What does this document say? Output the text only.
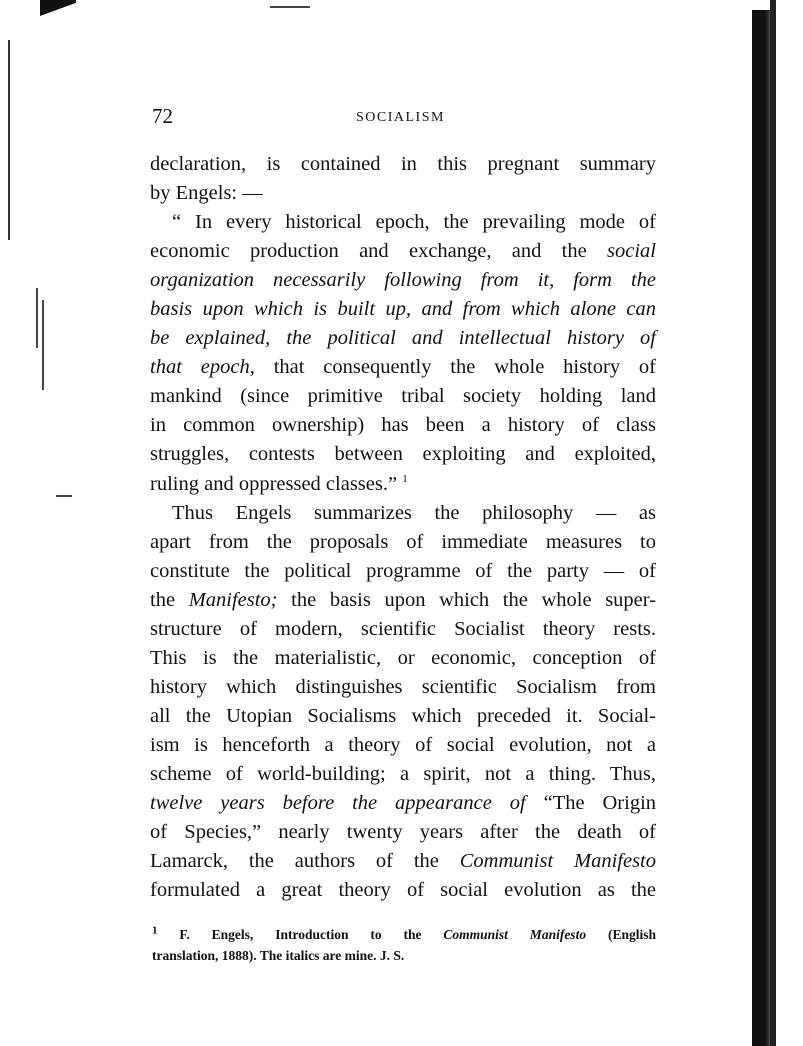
72	SOCIALISM
declaration, is contained in this pregnant summary
by Engels: —
“ In every historical epoch, the prevailing mode of
economic production and exchange, and the social
organization necessarily following from it, form the
basis upon which is built up, and from which alone can
be explained, the political and intellectual history of
that epoch, that consequently the whole history of
mankind (since primitive tribal society holding land
in common ownership) has been a history of class
struggles, contests between exploiting and exploited,
ruling and oppressed classes.” $^1$
Thus Engels summarizes the philosophy — as
apart from the proposals of immediate measures to
constitute the political programme of the party — of
the Manifesto; the basis upon which the whole super-
structure of modern, scientific Socialist theory rests.
This is the materialistic, or economic, conception of
history which distinguishes scientific Socialism from
all the Utopian Socialisms which preceded it. Social-
ism is henceforth a theory of social evolution, not a
scheme of world-building; a spirit, not a thing. Thus,
twelve years before the appearance of “The Origin
of Species,” nearly twenty years after the death of
Lamarck, the authors of the Communist Manifesto
formulated a great theory of social evolution as the
$^1$ F. Engels, Introduction to the Communist Manifesto (English
translation, 1888). The italics are mine. J. S.
